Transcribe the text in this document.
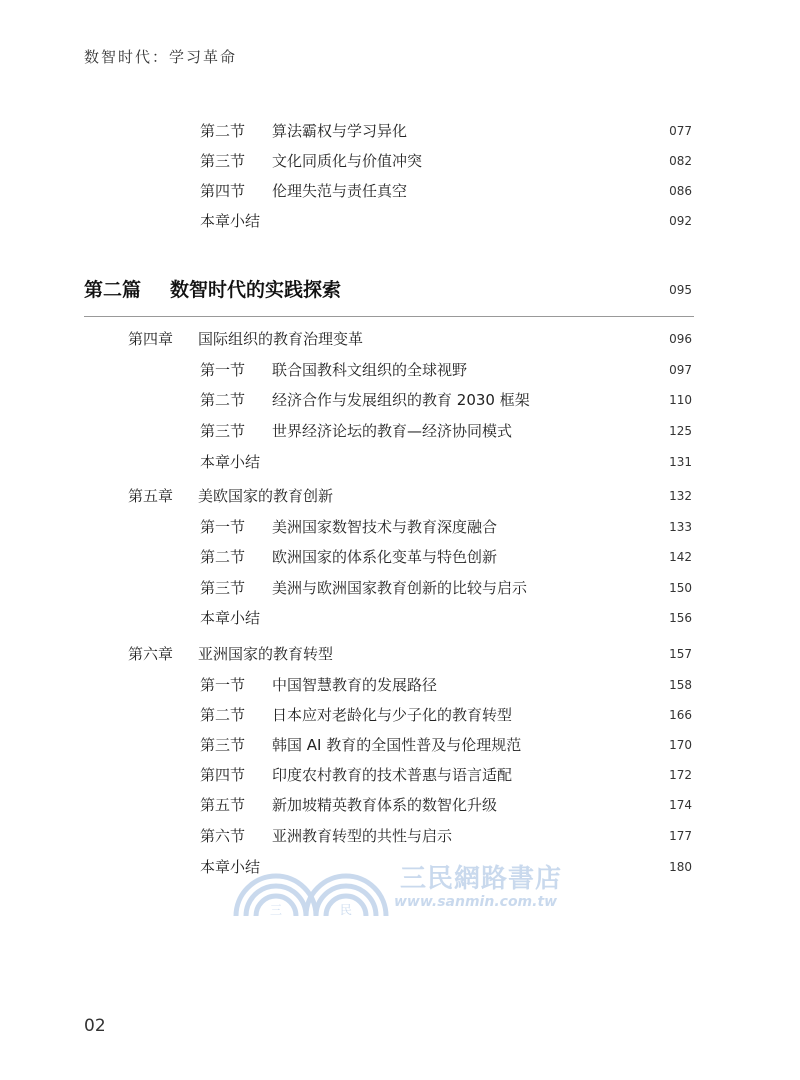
数智时代：学习革命
第二节 算法霸权与学习异化	077
第三节 文化同质化与价值冲突	082
第四节 伦理失范与责任真空	086
本章小结	092
第二篇 数智时代的实践探索	095
第四章 国际组织的教育治理变革	096
第一节 联合国教科文组织的全球视野	097
第二节 经济合作与发展组织的教育 2030 框架	110
第三节 世界经济论坛的教育—经济协同模式	125
本章小结	131
第五章 美欧国家的教育创新	132
第一节 美洲国家数智技术与教育深度融合	133
第二节 欧洲国家的体系化变革与特色创新	142
第三节 美洲与欧洲国家教育创新的比较与启示	150
本章小结	156
第六章 亚洲国家的教育转型	157
第一节 中国智慧教育的发展路径	158
第二节 日本应对老龄化与少子化的教育转型	166
第三节 韩国 AI 教育的全国性普及与伦理规范	170
第四节 印度农村教育的技术普惠与语言适配	172
第五节 新加坡精英教育体系的数智化升级	174
第六节 亚洲教育转型的共性与启示	177
本章小结	180
三	民
三民網路書店
www.sanmin.com.tw
02
